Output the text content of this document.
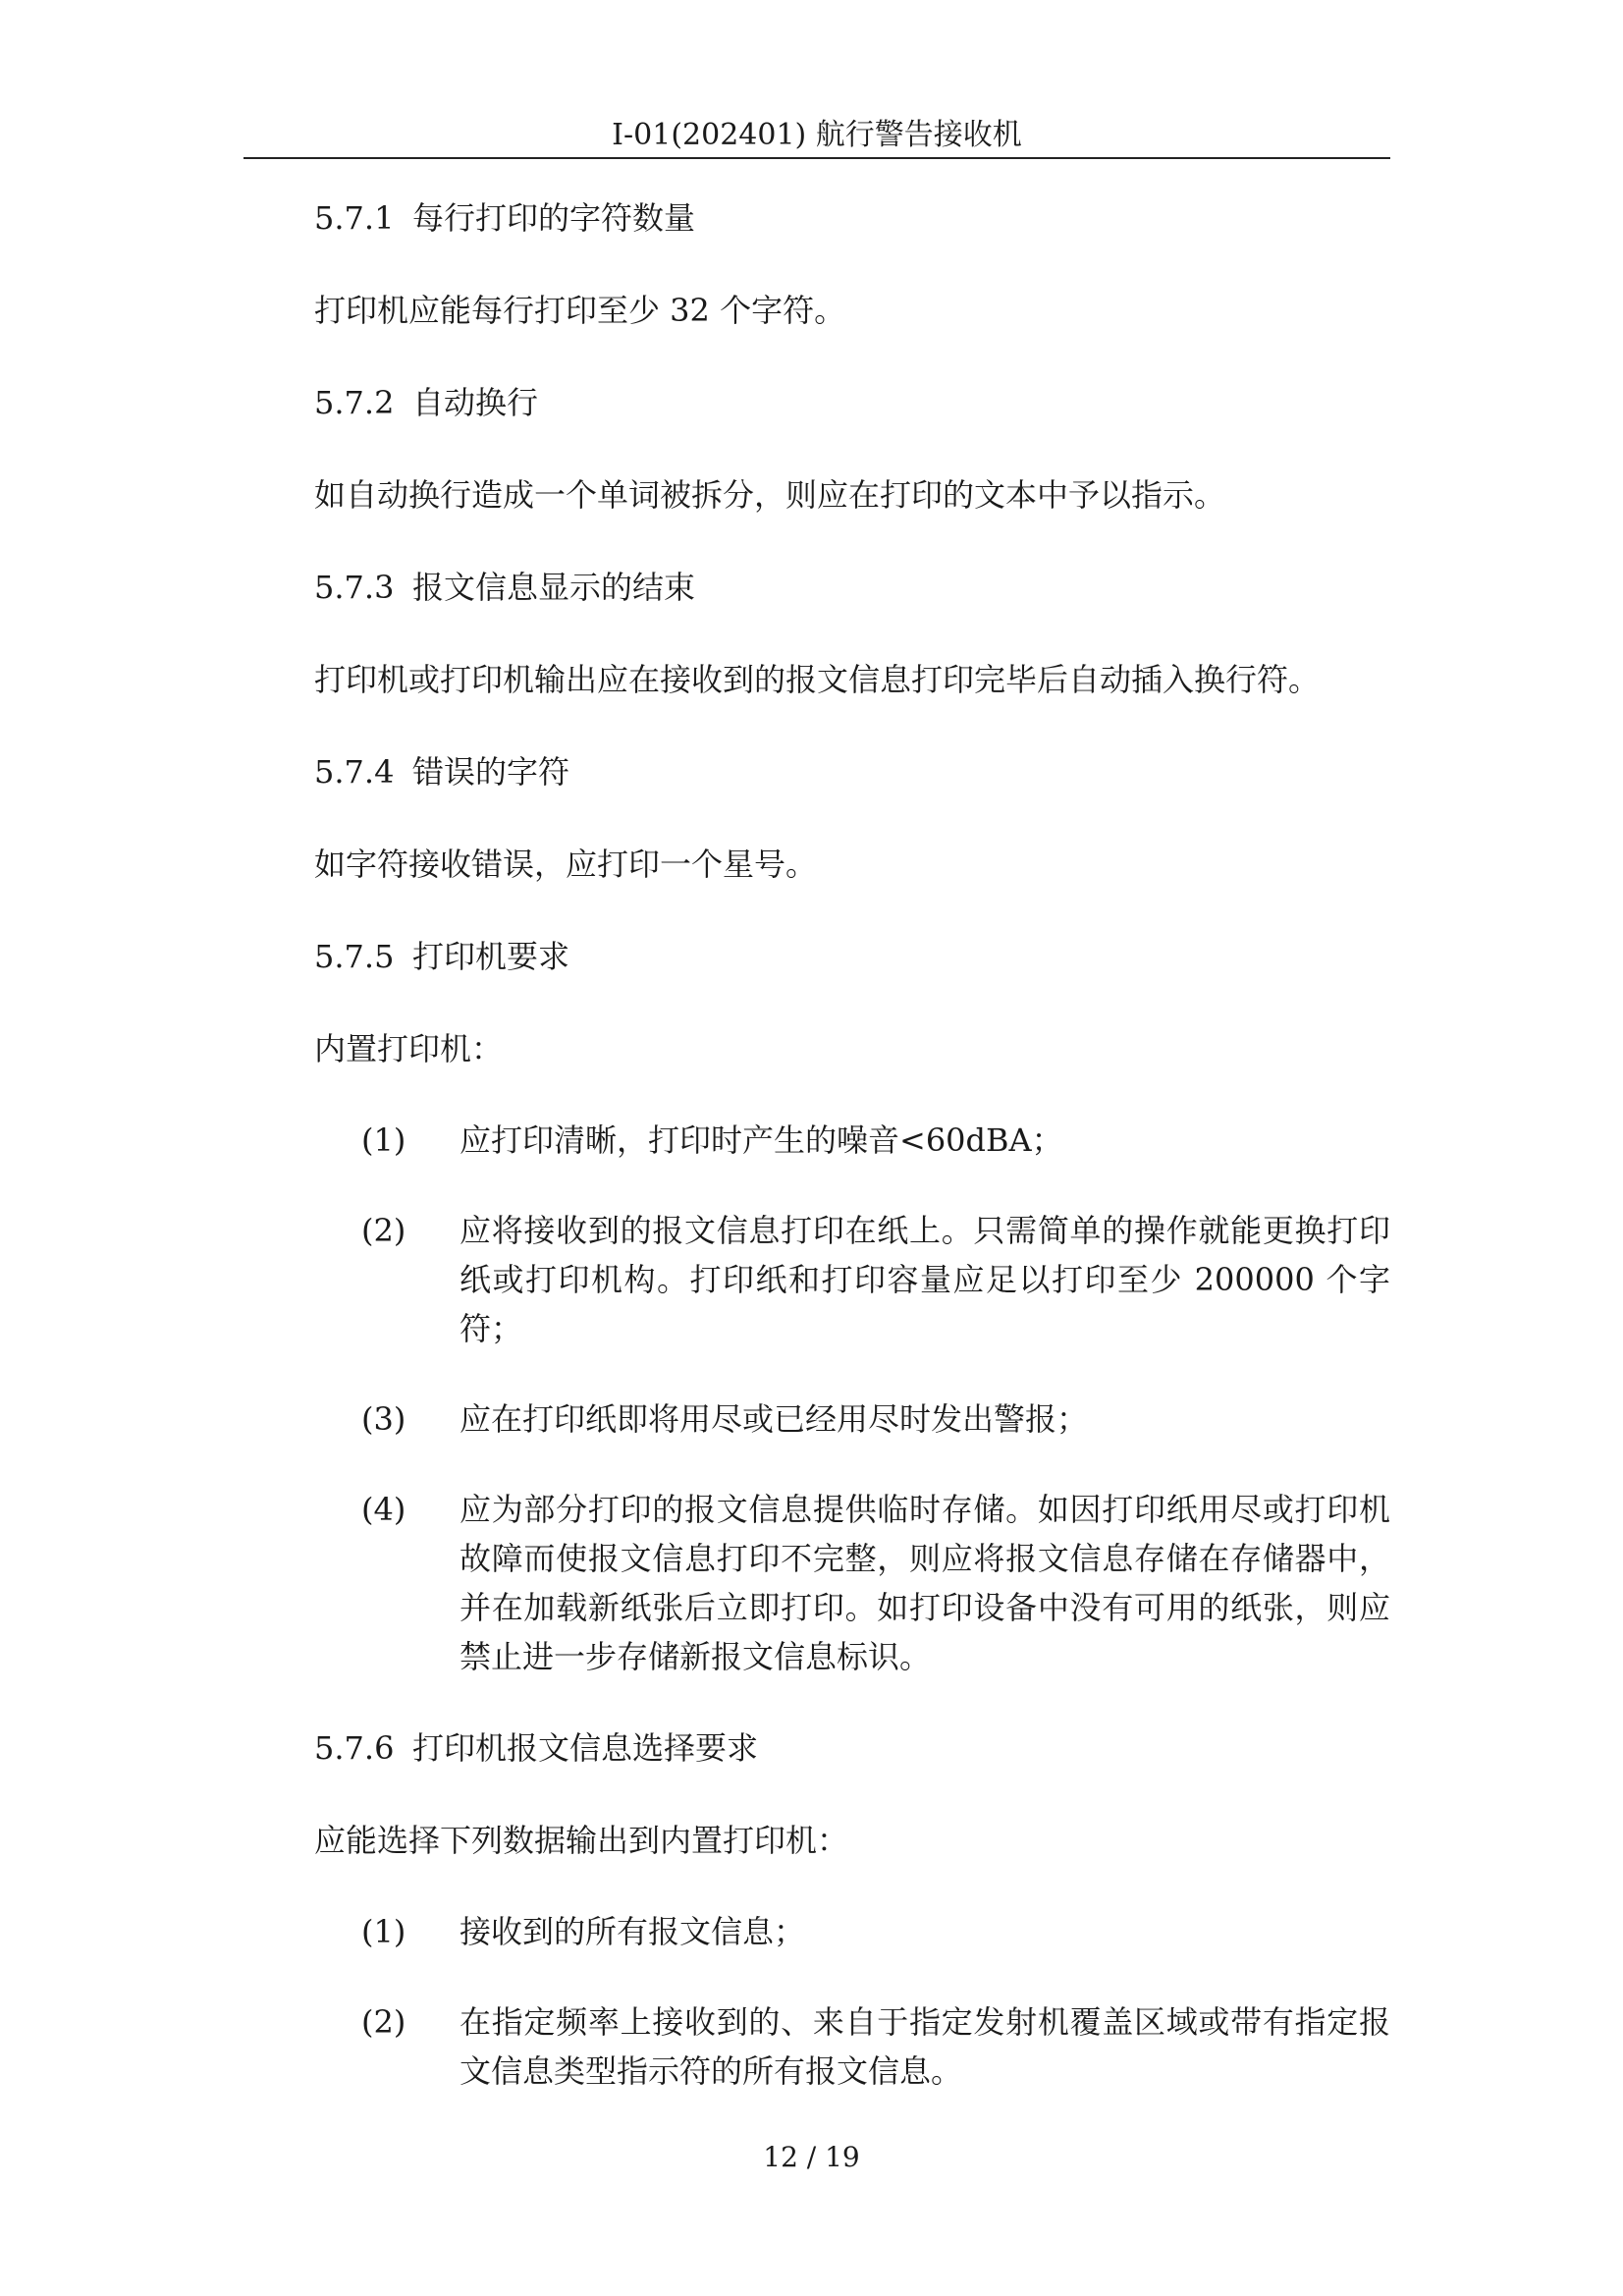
I-01(202401) 航行警告接收机
5.7.1 每行打印的字符数量

打印机应能每行打印至少 32 个字符。

5.7.2 自动换行

如自动换行造成一个单词被拆分，则应在打印的文本中予以指示。

5.7.3 报文信息显示的结束

打印机或打印机输出应在接收到的报文信息打印完毕后自动插入换行符。

5.7.4 错误的字符

如字符接收错误，应打印一个星号。

5.7.5 打印机要求

内置打印机：

(1) 应打印清晰，打印时产生的噪音<60dBA；
(2) 应将接收到的报文信息打印在纸上。只需简单的操作就能更换打印纸或打印机构。打印纸和打印容量应足以打印至少 200000 个字符；
(3) 应在打印纸即将用尽或已经用尽时发出警报；
(4) 应为部分打印的报文信息提供临时存储。如因打印纸用尽或打印机故障而使报文信息打印不完整，则应将报文信息存储在存储器中，并在加载新纸张后立即打印。如打印设备中没有可用的纸张，则应禁止进一步存储新报文信息标识。
5.7.6 打印机报文信息选择要求

应能选择下列数据输出到内置打印机：

(1) 接收到的所有报文信息；
(2) 在指定频率上接收到的、来自于指定发射机覆盖区域或带有指定报文信息类型指示符的所有报文信息。
12 / 19
